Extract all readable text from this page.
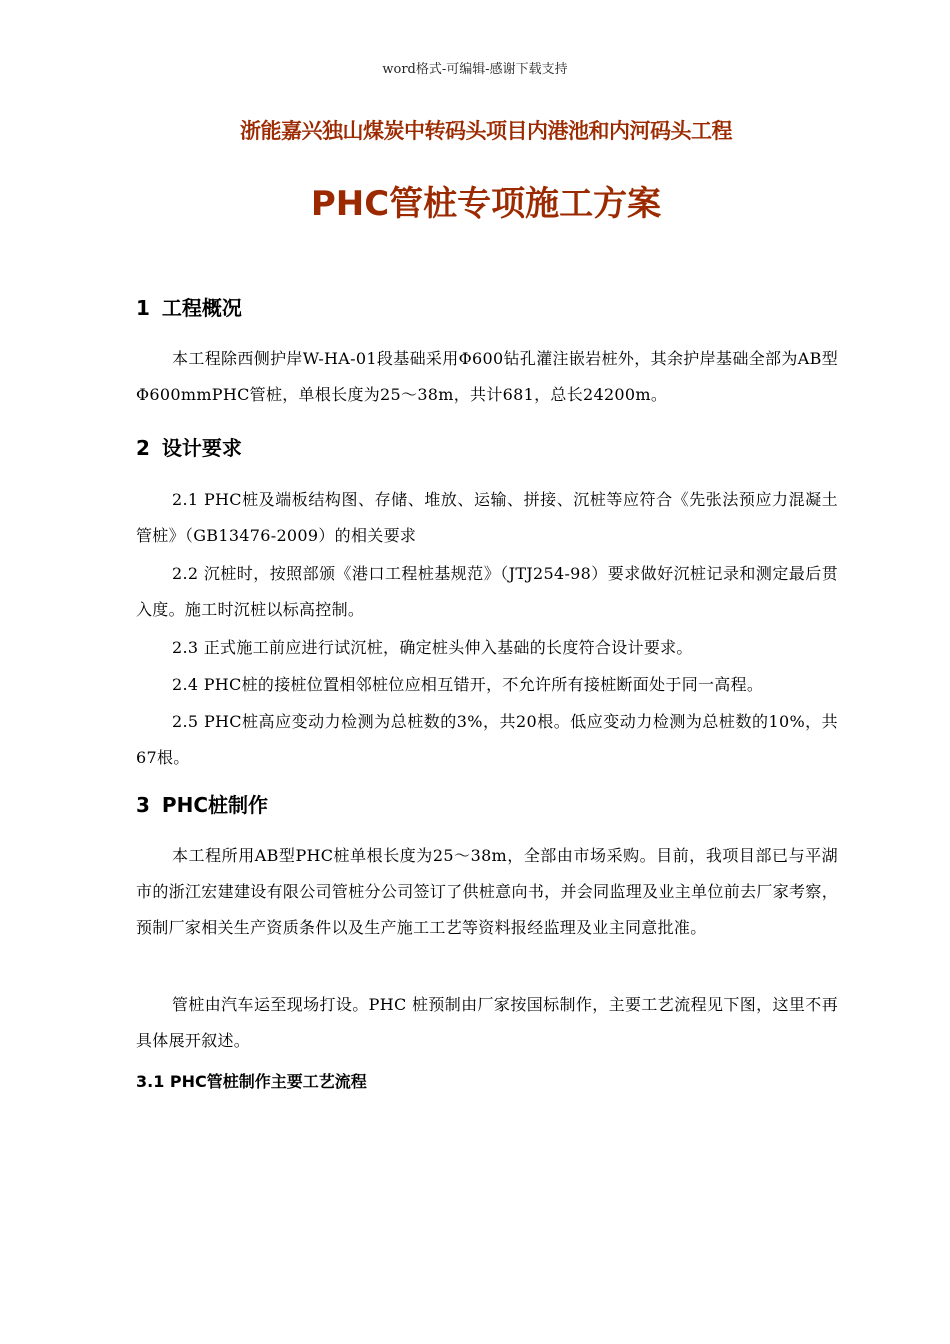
word格式-可编辑-感谢下载支持
浙能嘉兴独山煤炭中转码头项目内港池和内河码头工程
PHC管桩专项施工方案
1 工程概况
本工程除西侧护岸W-HA-01段基础采用Φ600钻孔灌注嵌岩桩外，其余护岸基础全部为AB型Φ600mmPHC管桩，单根长度为25～38m，共计681，总长24200m。
2 设计要求
2.1 PHC桩及端板结构图、存储、堆放、运输、拼接、沉桩等应符合《先张法预应力混凝土管桩》（GB13476-2009）的相关要求
2.2 沉桩时，按照部颁《港口工程桩基规范》（JTJ254-98）要求做好沉桩记录和测定最后贯入度。施工时沉桩以标高控制。
2.3 正式施工前应进行试沉桩，确定桩头伸入基础的长度符合设计要求。
2.4 PHC桩的接桩位置相邻桩位应相互错开，不允许所有接桩断面处于同一高程。
2.5 PHC桩高应变动力检测为总桩数的3%，共20根。低应变动力检测为总桩数的10%，共67根。
3 PHC桩制作
本工程所用AB型PHC桩单根长度为25～38m，全部由市场采购。目前，我项目部已与平湖市的浙江宏建建设有限公司管桩分公司签订了供桩意向书，并会同监理及业主单位前去厂家考察，预制厂家相关生产资质条件以及生产施工工艺等资料报经监理及业主同意批准。
管桩由汽车运至现场打设。PHC 桩预制由厂家按国标制作，主要工艺流程见下图，这里不再具体展开叙述。
3.1 PHC管桩制作主要工艺流程
